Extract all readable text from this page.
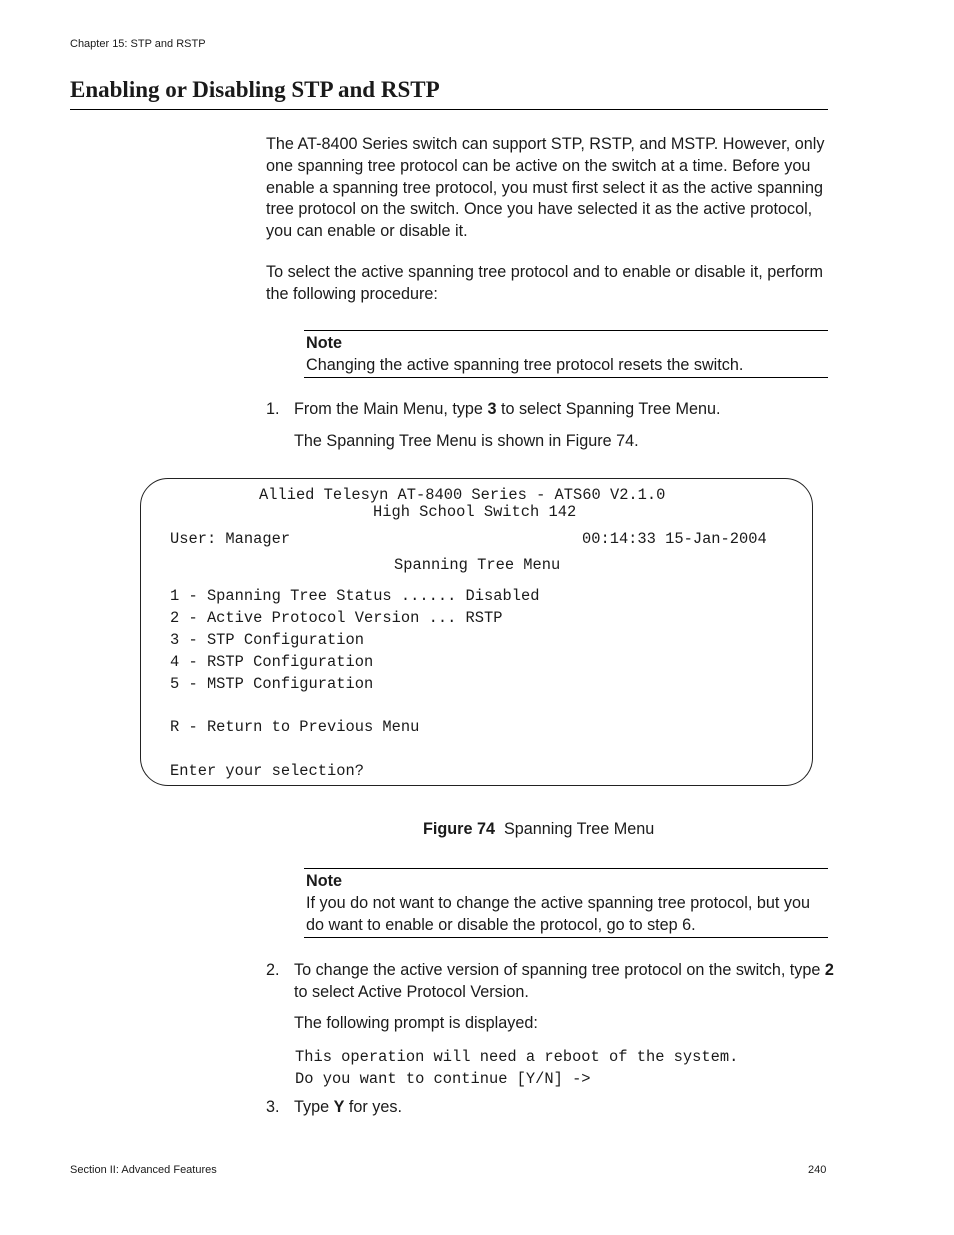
Chapter 15: STP and RSTP
Enabling or Disabling STP and RSTP
The AT-8400 Series switch can support STP, RSTP, and MSTP. However, only one spanning tree protocol can be active on the switch at a time. Before you enable a spanning tree protocol, you must first select it as the active spanning tree protocol on the switch. Once you have selected it as the active protocol, you can enable or disable it.
To select the active spanning tree protocol and to enable or disable it, perform the following procedure:
Note
Changing the active spanning tree protocol resets the switch.
1. From the Main Menu, type 3 to select Spanning Tree Menu.
The Spanning Tree Menu is shown in Figure 74.
Allied Telesyn AT-8400 Series - ATS60 V2.1.0
High School Switch 142
User: Manager	00:14:33 15-Jan-2004
Spanning Tree Menu
1 - Spanning Tree Status ...... Disabled
2 - Active Protocol Version ... RSTP
3 - STP Configuration
4 - RSTP Configuration
5 - MSTP Configuration
R - Return to Previous Menu
Enter your selection?
Figure 74 Spanning Tree Menu
Note
If you do not want to change the active spanning tree protocol, but you do want to enable or disable the protocol, go to step 6.
2. To change the active version of spanning tree protocol on the switch, type 2 to select Active Protocol Version.
The following prompt is displayed:
This operation will need a reboot of the system.
Do you want to continue [Y/N] ->
3. Type Y for yes.
Section II: Advanced Features	240
